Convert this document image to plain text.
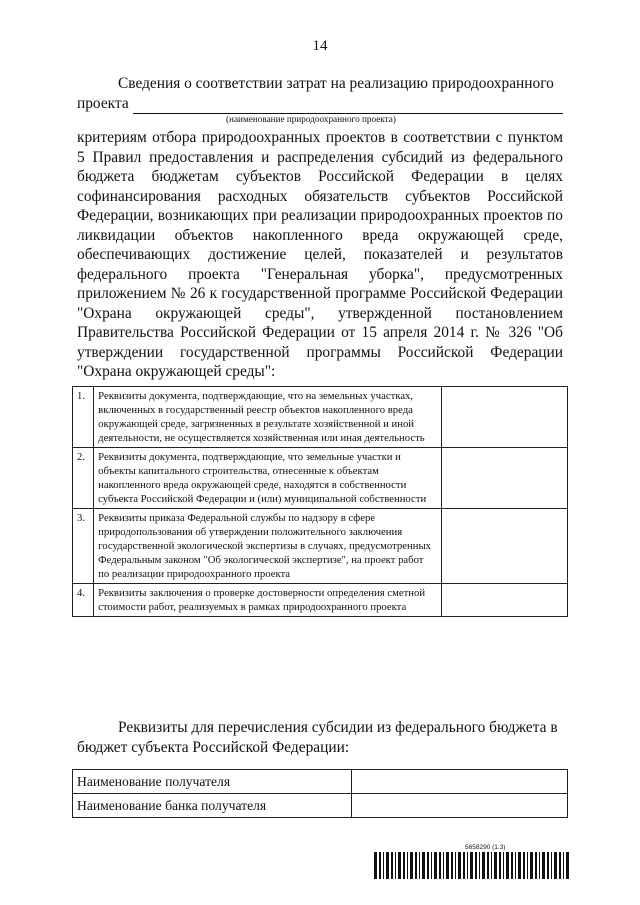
14
Сведения о соответствии затрат на реализацию природоохранного
проекта
(наименование природоохранного проекта)
критериям отбора природоохранных проектов в соответствии с пунктом 5 Правил предоставления и распределения субсидий из федерального бюджета бюджетам субъектов Российской Федерации в целях софинансирования расходных обязательств субъектов Российской Федерации, возникающих при реализации природоохранных проектов по ликвидации объектов накопленного вреда окружающей среде, обеспечивающих достижение целей, показателей и результатов федерального проекта "Генеральная уборка", предусмотренных приложением № 26 к государственной программе Российской Федерации "Охрана окружающей среды", утвержденной постановлением Правительства Российской Федерации от 15 апреля 2014 г. № 326 "Об утверждении государственной программы Российской Федерации "Охрана окружающей среды":
1.	Реквизиты документа, подтверждающие, что на земельных участках, включенных в государственный реестр объектов накопленного вреда окружающей среде, загрязненных в результате хозяйственной и иной деятельности, не осуществляется хозяйственная или иная деятельность	
2.	Реквизиты документа, подтверждающие, что земельные участки и объекты капитального строительства, отнесенные к объектам накопленного вреда окружающей среде, находятся в собственности субъекта Российской Федерации и (или) муниципальной собственности	
3.	Реквизиты приказа Федеральной службы по надзору в сфере природопользования об утверждении положительного заключения государственной экологической экспертизы в случаях, предусмотренных Федеральным законом "Об экологической экспертизе", на проект работ по реализации природоохранного проекта	
4.	Реквизиты заключения о проверке достоверности определения сметной стоимости работ, реализуемых в рамках природоохранного проекта	
Реквизиты для перечисления субсидии из федерального бюджета в
бюджет субъекта Российской Федерации:
Наименование получателя	
Наименование банка получателя	
5658290 (1.3)
